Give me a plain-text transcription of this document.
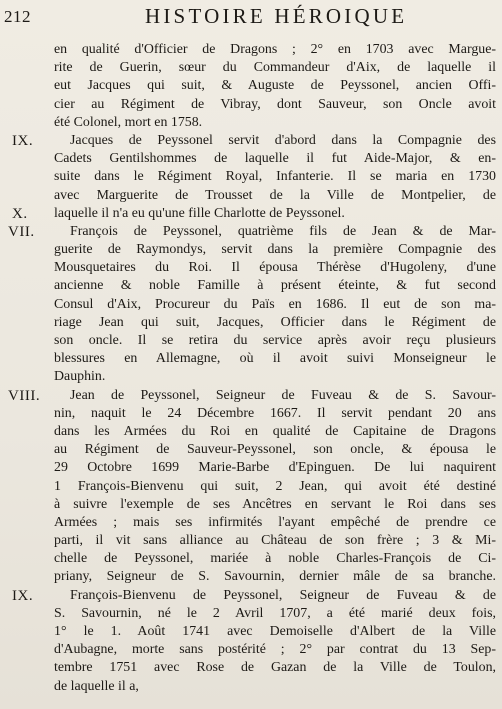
212	HISTOIRE HÉROIQUE
en qualité d'Officier de Dragons ; 2° en 1703 avec Margue-
rite de Guerin, sœur du Commandeur d'Aix, de laquelle il
eut Jacques qui suit, & Auguste de Peyssonel, ancien Offi-
cier au Régiment de Vibray, dont Sauveur, son Oncle avoit
été Colonel, mort en 1758.
IX.	Jacques de Peyssonel servit d'abord dans la Compagnie des
Cadets Gentilshommes de laquelle il fut Aide-Major, & en-
suite dans le Régiment Royal, Infanterie. Il se maria en 1730
avec Marguerite de Trousset de la Ville de Montpelier, de
X. laquelle il n'a eu qu'une fille Charlotte de Peyssonel.
VII.	François de Peyssonel, quatrième fils de Jean & de Mar-
guerite de Raymondys, servit dans la première Compagnie des
Mousquetaires du Roi. Il épousa Thérèse d'Hugoleny, d'une
ancienne & noble Famille à présent éteinte, & fut second
Consul d'Aix, Procureur du Païs en 1686. Il eut de son ma-
riage Jean qui suit, Jacques, Officier dans le Régiment de
son oncle. Il se retira du service après avoir reçu plusieurs
blessures en Allemagne, où il avoit suivi Monseigneur le
Dauphin.
VIII. Jean de Peyssonel, Seigneur de Fuveau & de S. Savour-
nin, naquit le 24 Décembre 1667. Il servit pendant 20 ans
dans les Armées du Roi en qualité de Capitaine de Dragons
au Régiment de Sauveur-Peyssonel, son oncle, & épousa le
29 Octobre 1699 Marie-Barbe d'Epinguen. De lui naquirent
1 François-Bienvenu qui suit, 2 Jean, qui avoit été destiné
à suivre l'exemple de ses Ancêtres en servant le Roi dans ses
Armées ; mais ses infirmités l'ayant empêché de prendre ce
parti, il vit sans alliance au Château de son frère ; 3 & Mi-
chelle de Peyssonel, mariée à noble Charles-François de Ci-
priany, Seigneur de S. Savournin, dernier mâle de sa branche.
IX.	François-Bienvenu de Peyssonel, Seigneur de Fuveau & de
S. Savournin, né le 2 Avril 1707, a été marié deux fois,
1° le 1. Août 1741 avec Demoiselle d'Albert de la Ville
d'Aubagne, morte sans postérité ; 2° par contrat du 13 Sep-
tembre 1751 avec Rose de Gazan de la Ville de Toulon,
de laquelle il a,
